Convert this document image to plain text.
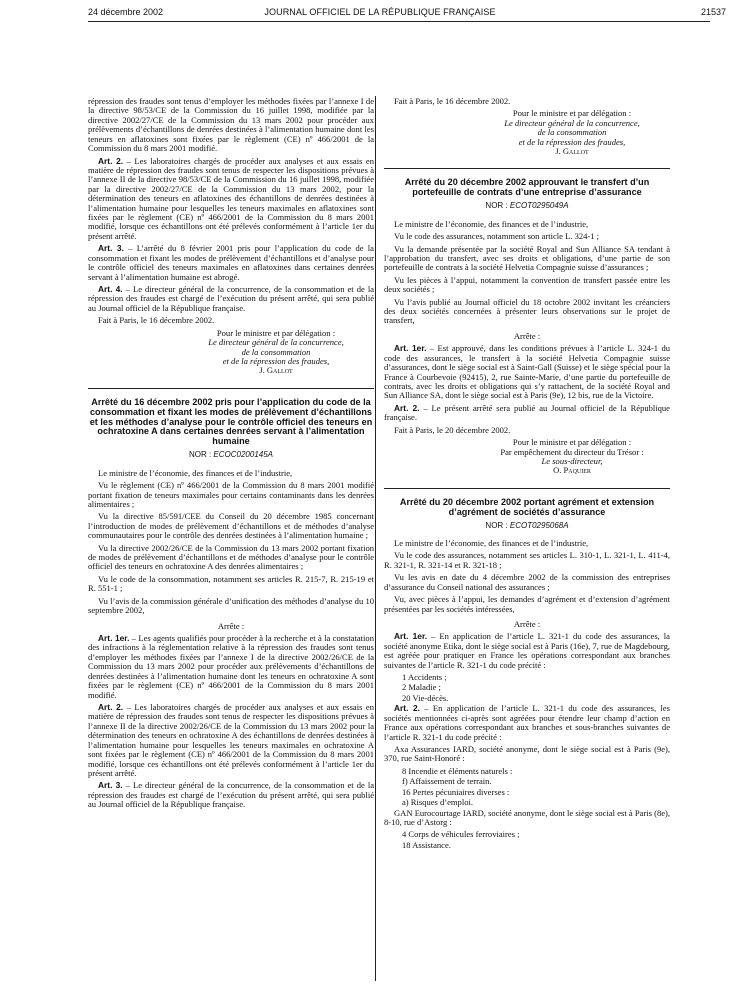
24 décembre 2002	JOURNAL OFFICIEL DE LA RÉPUBLIQUE FRANÇAISE	21537

répression des fraudes sont tenus d’employer les méthodes fixées par l’annexe I de la directive 98/53/CE de la Commission du 16 juillet 1998, modifiée par la directive 2002/27/CE de la Commission du 13 mars 2002 pour procéder aux prélèvements d’échantillons de denrées destinées à l’alimentation humaine dont les teneurs en aflatoxines sont fixées par le règlement (CE) nº 466/2001 de la Commission du 8 mars 2001 modifié.

Art. 2. – Les laboratoires chargés de procéder aux analyses et aux essais en matière de répression des fraudes sont tenus de respecter les dispositions prévues à l’annexe II de la directive 98/53/CE de la Commission du 16 juillet 1998, modifiée par la directive 2002/27/CE de la Commission du 13 mars 2002, pour la détermination des teneurs en aflatoxines des échantillons de denrées destinées à l’alimentation humaine pour lesquelles les teneurs maximales en aflatoxines sont fixées par le règlement (CE) nº 466/2001 de la Commission du 8 mars 2001 modifié, lorsque ces échantillons ont été prélevés conformément à l’article 1er du présent arrêté.

Art. 3. – L’arrêté du 8 février 2001 pris pour l’application du code de la consommation et fixant les modes de prélèvement d’échantillons et d’analyse pour le contrôle officiel des teneurs maximales en aflatoxines dans certaines denrées servant à l’alimentation humaine est abrogé.

Art. 4. – Le directeur général de la concurrence, de la consommation et de la répression des fraudes est chargé de l’exécution du présent arrêté, qui sera publié au Journal officiel de la République française.

Fait à Paris, le 16 décembre 2002.

Pour le ministre et par délégation :
Le directeur général de la concurrence,
de la consommation
et de la répression des fraudes,
J. Gallot

Arrêté du 16 décembre 2002 pris pour l’application du code de la consommation et fixant les modes de prélèvement d’échantillons et les méthodes d’analyse pour le contrôle officiel des teneurs en ochratoxine A dans certaines denrées servant à l’alimentation humaine

NOR : ECOC0200145A

Le ministre de l’économie, des finances et de l’industrie,

Vu le règlement (CE) nº 466/2001 de la Commission du 8 mars 2001 modifié portant fixation de teneurs maximales pour certains contaminants dans les denrées alimentaires ;

Vu la directive 85/591/CEE du Conseil du 20 décembre 1985 concernant l’introduction de modes de prélèvement d’échantillons et de méthodes d’analyse communautaires pour le contrôle des denrées destinées à l’alimentation humaine ;

Vu la directive 2002/26/CE de la Commission du 13 mars 2002 portant fixation de modes de prélèvement d’échantillons et de méthodes d’analyse pour le contrôle officiel des teneurs en ochratoxine A des denrées alimentaires ;

Vu le code de la consommation, notamment ses articles R. 215-7, R. 215-19 et R. 551-1 ;

Vu l’avis de la commission générale d’unification des méthodes d’analyse du 10 septembre 2002,

Arrête :

Art. 1er. – Les agents qualifiés pour procéder à la recherche et à la constatation des infractions à la réglementation relative à la répression des fraudes sont tenus d’employer les méthodes fixées par l’annexe I de la directive 2002/26/CE de la Commission du 13 mars 2002 pour procéder aux prélèvements d’échantillons de denrées destinées à l’alimentation humaine dont les teneurs en ochratoxine A sont fixées par le règlement (CE) nº 466/2001 de la Commission du 8 mars 2001 modifié.

Art. 2. – Les laboratoires chargés de procéder aux analyses et aux essais en matière de répression des fraudes sont tenus de respecter les dispositions prévues à l’annexe II de la directive 2002/26/CE de la Commission du 13 mars 2002 pour la détermination des teneurs en ochratoxine A des échantillons de denrées destinées à l’alimentation humaine pour lesquelles les teneurs maximales en ochratoxine A sont fixées par le règlement (CE) nº 466/2001 de la Commission du 8 mars 2001 modifié, lorsque ces échantillons ont été prélevés conformément à l’article 1er du présent arrêté.

Art. 3. – Le directeur général de la concurrence, de la consommation et de la répression des fraudes est chargé de l’exécution du présent arrêté, qui sera publié au Journal officiel de la République française.

Fait à Paris, le 16 décembre 2002.

Pour le ministre et par délégation :
Le directeur général de la concurrence,
de la consommation
et de la répression des fraudes,
J. Gallot

Arrêté du 20 décembre 2002 approuvant le transfert d’un portefeuille de contrats d’une entreprise d’assurance

NOR : ECOT0295049A

Le ministre de l’économie, des finances et de l’industrie,

Vu le code des assurances, notamment son article L. 324-1 ;

Vu la demande présentée par la société Royal and Sun Alliance SA tendant à l’approbation du transfert, avec ses droits et obligations, d’une partie de son portefeuille de contrats à la société Helvetia Compagnie suisse d’assurances ;

Vu les pièces à l’appui, notamment la convention de transfert passée entre les deux sociétés ;

Vu l’avis publié au Journal officiel du 18 octobre 2002 invitant les créanciers des deux sociétés concernées à présenter leurs observations sur le projet de transfert,

Arrête :

Art. 1er. – Est approuvé, dans les conditions prévues à l’article L. 324-1 du code des assurances, le transfert à la société Helvetia Compagnie suisse d’assurances, dont le siège social est à Saint-Gall (Suisse) et le siège spécial pour la France à Courbevoie (92415), 2, rue Sainte-Marie, d’une partie du portefeuille de contrats, avec les droits et obligations qui s’y rattachent, de la société Royal and Sun Alliance SA, dont le siège social est à Paris (9e), 12 bis, rue de la Victoire.

Art. 2. – Le présent arrêté sera publié au Journal officiel de la République française.

Fait à Paris, le 20 décembre 2002.

Pour le ministre et par délégation :
Par empêchement du directeur du Trésor :
Le sous-directeur,
O. Paquier

Arrêté du 20 décembre 2002 portant agrément et extension d’agrément de sociétés d’assurance

NOR : ECOT0295068A

Le ministre de l’économie, des finances et de l’industrie,

Vu le code des assurances, notamment ses articles L. 310-1, L. 321-1, L. 411-4, R. 321-1, R. 321-14 et R. 321-18 ;

Vu les avis en date du 4 décembre 2002 de la commission des entreprises d’assurance du Conseil national des assurances ;

Vu, avec pièces à l’appui, les demandes d’agrément et d’extension d’agrément présentées par les sociétés intéressées,

Arrête :

Art. 1er. – En application de l’article L. 321-1 du code des assurances, la société anonyme Etika, dont le siège social est à Paris (16e), 7, rue de Magdebourg, est agréée pour pratiquer en France les opérations correspondant aux branches suivantes de l’article R. 321-1 du code précité :

1 Accidents ;

2 Maladie ;

20 Vie-décès.

Art. 2. – En application de l’article L. 321-1 du code des assurances, les sociétés mentionnées ci-après sont agréées pour étendre leur champ d’action en France aux opérations correspondant aux branches et sous-branches suivantes de l’article R. 321-1 du code précité :

Axa Assurances IARD, société anonyme, dont le siège social est à Paris (9e), 370, rue Saint-Honoré :

8 Incendie et éléments naturels :

f) Affaissement de terrain.

16 Pertes pécuniaires diverses :

a) Risques d’emploi.

GAN Eurocourtage IARD, société anonyme, dont le siège social est à Paris (8e), 8-10, rue d’Astorg :

4 Corps de véhicules ferroviaires ;

18 Assistance.
